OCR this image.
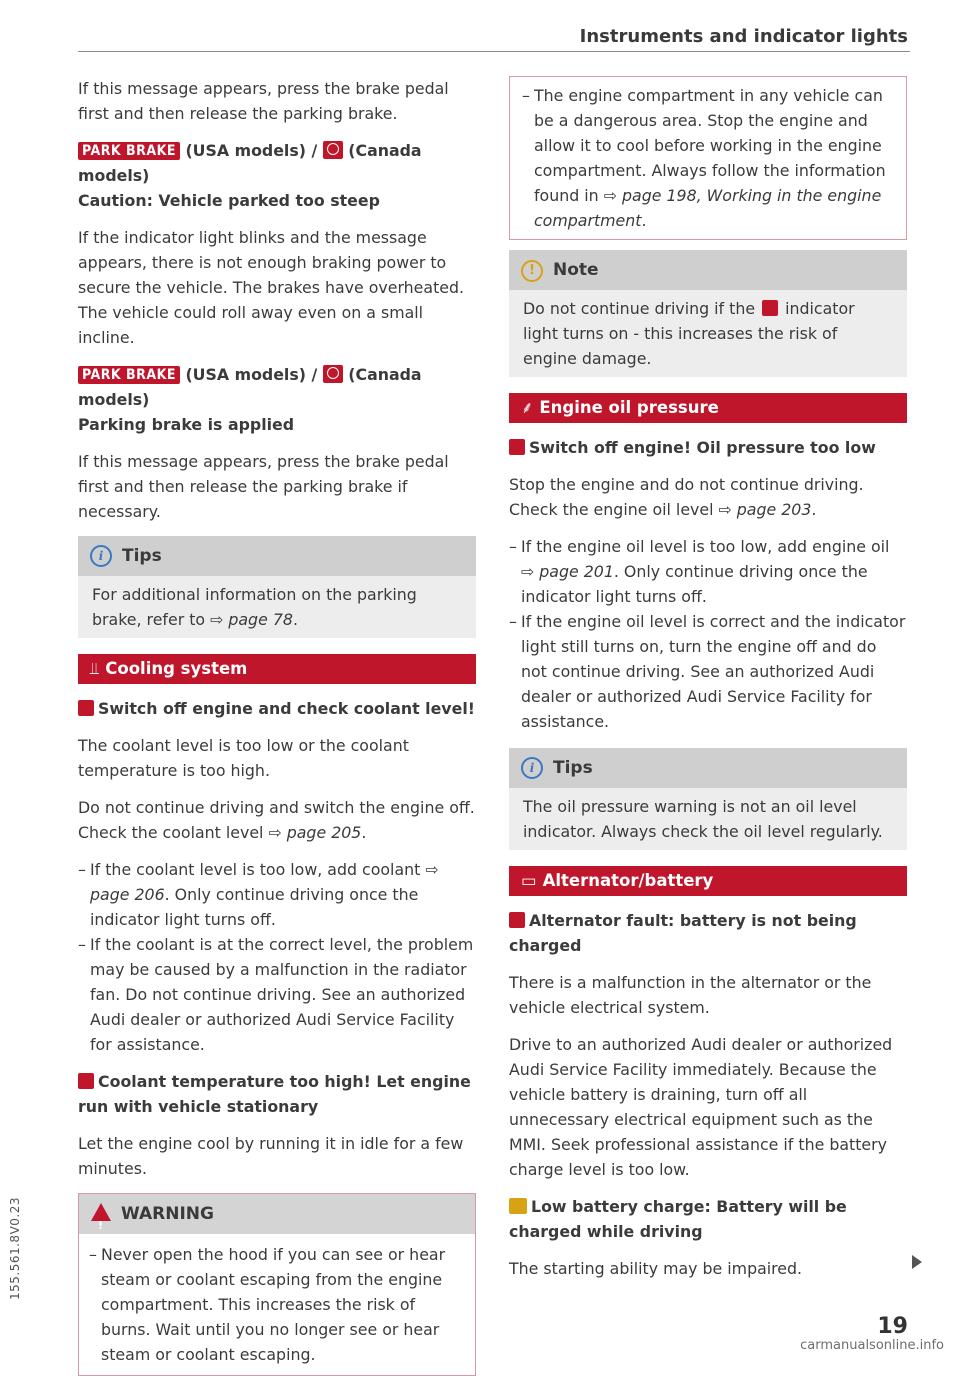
Instruments and indicator lights

If this message appears, press the brake pedal first and then release the parking brake.

PARK BRAKE (USA models) / (Canada models)
Caution: Vehicle parked too steep

If the indicator light blinks and the message appears, there is not enough braking power to secure the vehicle. The brakes have overheated. The vehicle could roll away even on a small incline.

PARK BRAKE (USA models) / (Canada models)
Parking brake is applied

If this message appears, press the brake pedal first and then release the parking brake if necessary.

i Tips

For additional information on the parking brake, refer to ⇨ page 78.

⫫ Cooling system
Switch off engine and check coolant level!

The coolant level is too low or the coolant temperature is too high.

Do not continue driving and switch the engine off. Check the coolant level ⇨ page 205.

– If the coolant level is too low, add coolant ⇨ page 206. Only continue driving once the indicator light turns off.
– If the coolant is at the correct level, the problem may be caused by a malfunction in the radiator fan. Do not continue driving. See an authorized Audi dealer or authorized Audi Service Facility for assistance.
Coolant temperature too high! Let engine run with vehicle stationary

Let the engine cool by running it in idle for a few minutes.

!WARNING
– Never open the hood if you can see or hear steam or coolant escaping from the engine compartment. This increases the risk of burns. Wait until you no longer see or hear steam or coolant escaping.
– The engine compartment in any vehicle can be a dangerous area. Stop the engine and allow it to cool before working in the engine compartment. Always follow the information found in ⇨ page 198, Working in the engine compartment.
! Note

Do not continue driving if the  indicator light turns on - this increases the risk of engine damage.

⸙ Engine oil pressure
Switch off engine! Oil pressure too low

Stop the engine and do not continue driving. Check the engine oil level ⇨ page 203.

– If the engine oil level is too low, add engine oil ⇨ page 201. Only continue driving once the indicator light turns off.
– If the engine oil level is correct and the indicator light still turns on, turn the engine off and do not continue driving. See an authorized Audi dealer or authorized Audi Service Facility for assistance.
i Tips

The oil pressure warning is not an oil level indicator. Always check the oil level regularly.

▭ Alternator/battery
Alternator fault: battery is not being charged

There is a malfunction in the alternator or the vehicle electrical system.

Drive to an authorized Audi dealer or authorized Audi Service Facility immediately. Because the vehicle battery is draining, turn off all unnecessary electrical equipment such as the MMI. Seek professional assistance if the battery charge level is too low.

Low battery charge: Battery will be charged while driving

The starting ability may be impaired.

19
155.561.8V0.23
carmanualsonline.info
